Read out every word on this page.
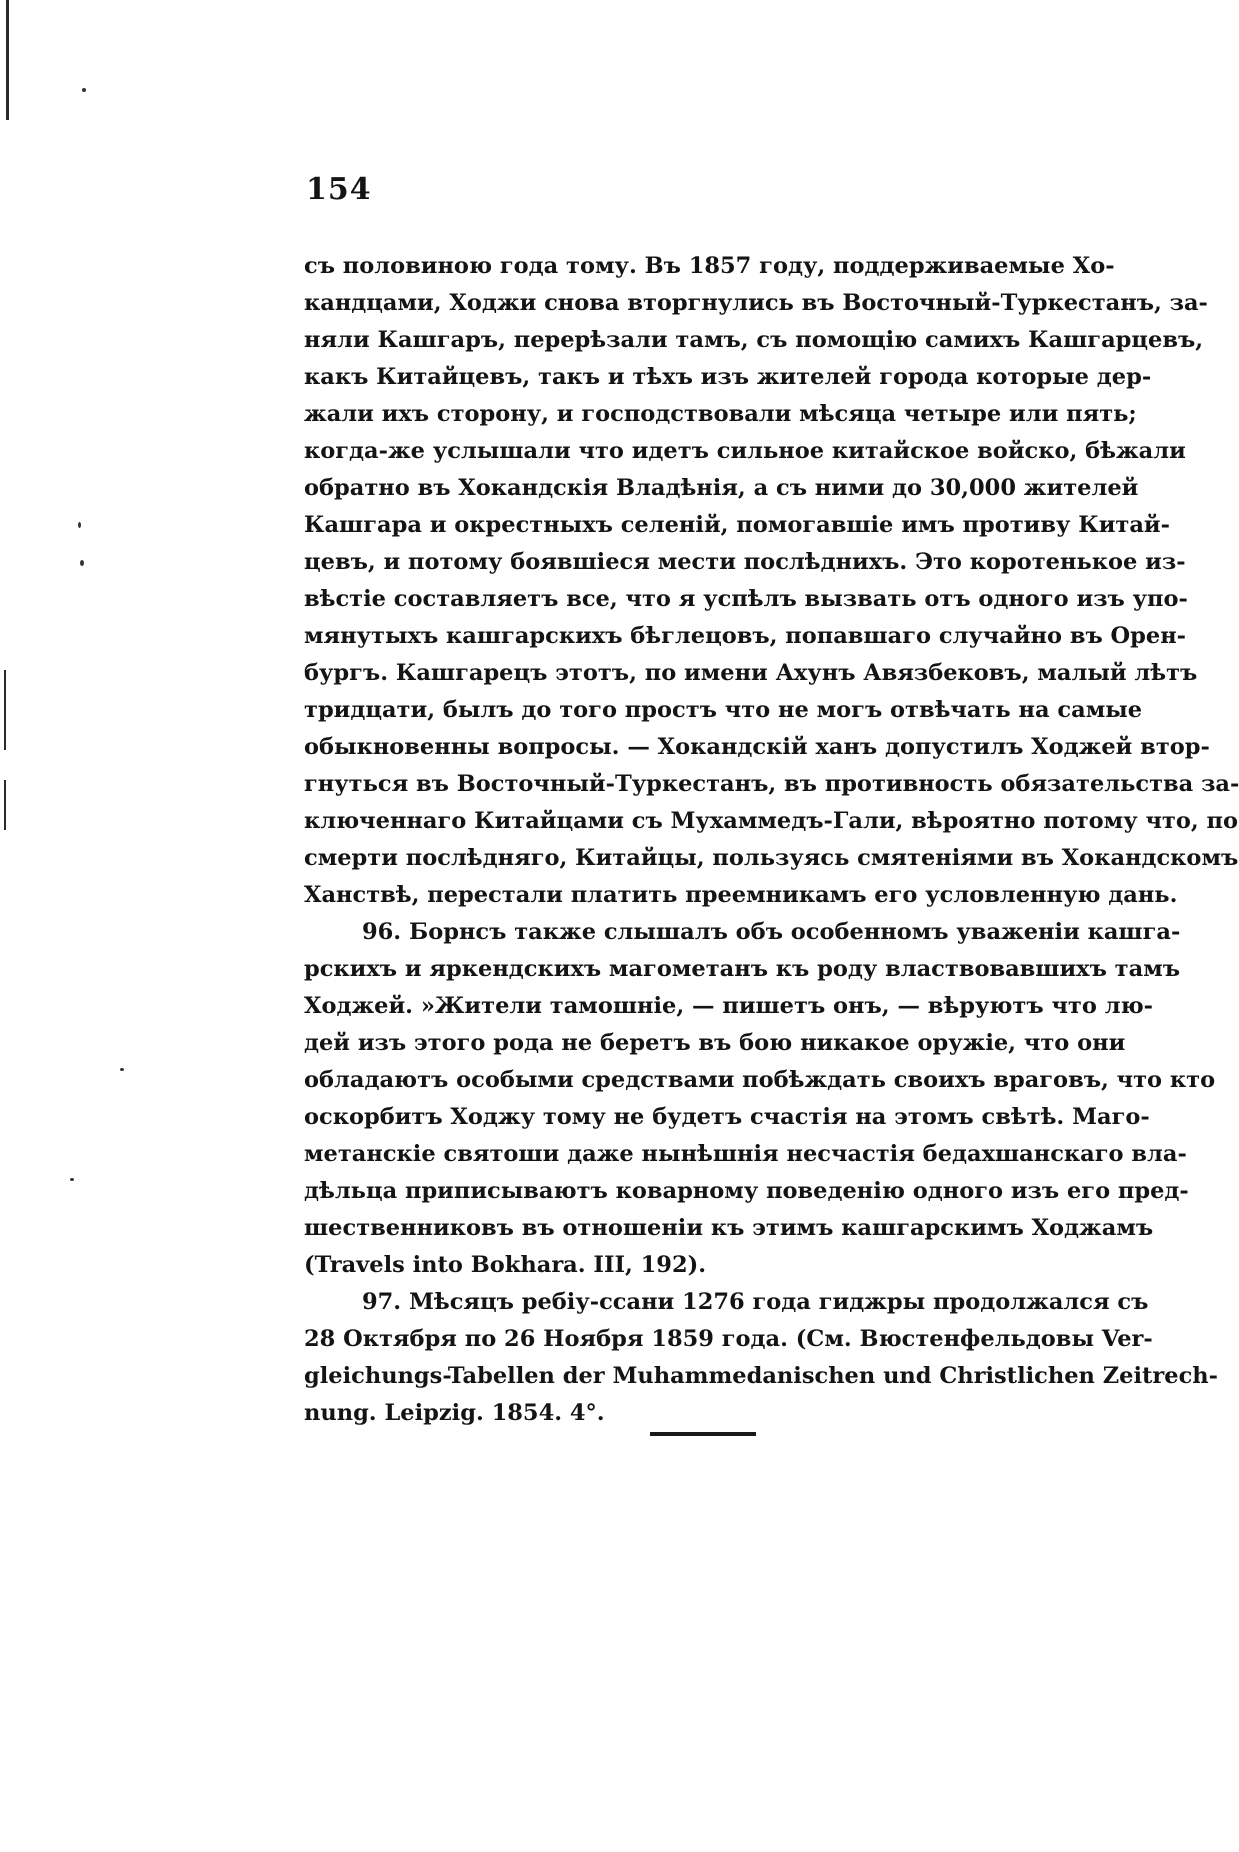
154
съ половиною года тому. Въ 1857 году, поддерживаемые Хо-
кандцами, Ходжи снова вторгнулись въ Восточный-Туркестанъ, за-
няли Кашгаръ, перерѣзали тамъ, съ помощію самихъ Кашгарцевъ,
какъ Китайцевъ, такъ и тѣхъ изъ жителей города которые дер-
жали ихъ сторону, и господствовали мѣсяца четыре или пять;
когда-же услышали что идетъ сильное китайское войско, бѣжали
обратно въ Хокандскія Владѣнія, а съ ними до 30,000 жителей
Кашгара и окрестныхъ селеній, помогавшіе имъ противу Китай-
цевъ, и потому боявшіеся мести послѣднихъ. Это коротенькое из-
вѣстіе составляетъ все, что я успѣлъ вызвать отъ одного изъ упо-
мянутыхъ кашгарскихъ бѣглецовъ, попавшаго случайно въ Орен-
бургъ. Кашгарецъ этотъ, по имени Ахунъ Авязбековъ, малый лѣтъ
тридцати, былъ до того простъ что не могъ отвѣчать на самые
обыкновенны вопросы. — Хокандскій ханъ допустилъ Ходжей втор-
гнуться въ Восточный-Туркестанъ, въ противность обязательства за-
ключеннаго Китайцами съ Мухаммедъ-Гали, вѣроятно потому что, по
смерти послѣдняго, Китайцы, пользуясь смятеніями въ Хокандскомъ
Ханствѣ, перестали платить преемникамъ его условленную дань.
96. Борнсъ также слышалъ объ особенномъ уваженіи кашга-
рскихъ и яркендскихъ магометанъ къ роду властвовавшихъ тамъ
Ходжей. »Жители тамошніе, — пишетъ онъ, — вѣруютъ что лю-
дей изъ этого рода не беретъ въ бою никакое оружіе, что они
обладаютъ особыми средствами побѣждать своихъ враговъ, что кто
оскорбитъ Ходжу тому не будетъ счастія на этомъ свѣтѣ. Маго-
метанскіе святоши даже нынѣшнія несчастія бедахшанскаго вла-
дѣльца приписываютъ коварному поведенію одного изъ его пред-
шественниковъ въ отношеніи къ этимъ кашгарскимъ Ходжамъ
(Travels into Bokhara. III, 192).
97. Мѣсяцъ ребіу-ссани 1276 года гиджры продолжался съ
28 Октября по 26 Ноября 1859 года. (См. Вюстенфельдовы Ver-
gleichungs-Tabellen der Muhammedanischen und Christlichen Zeitrech-
nung. Leipzig. 1854. 4°.
